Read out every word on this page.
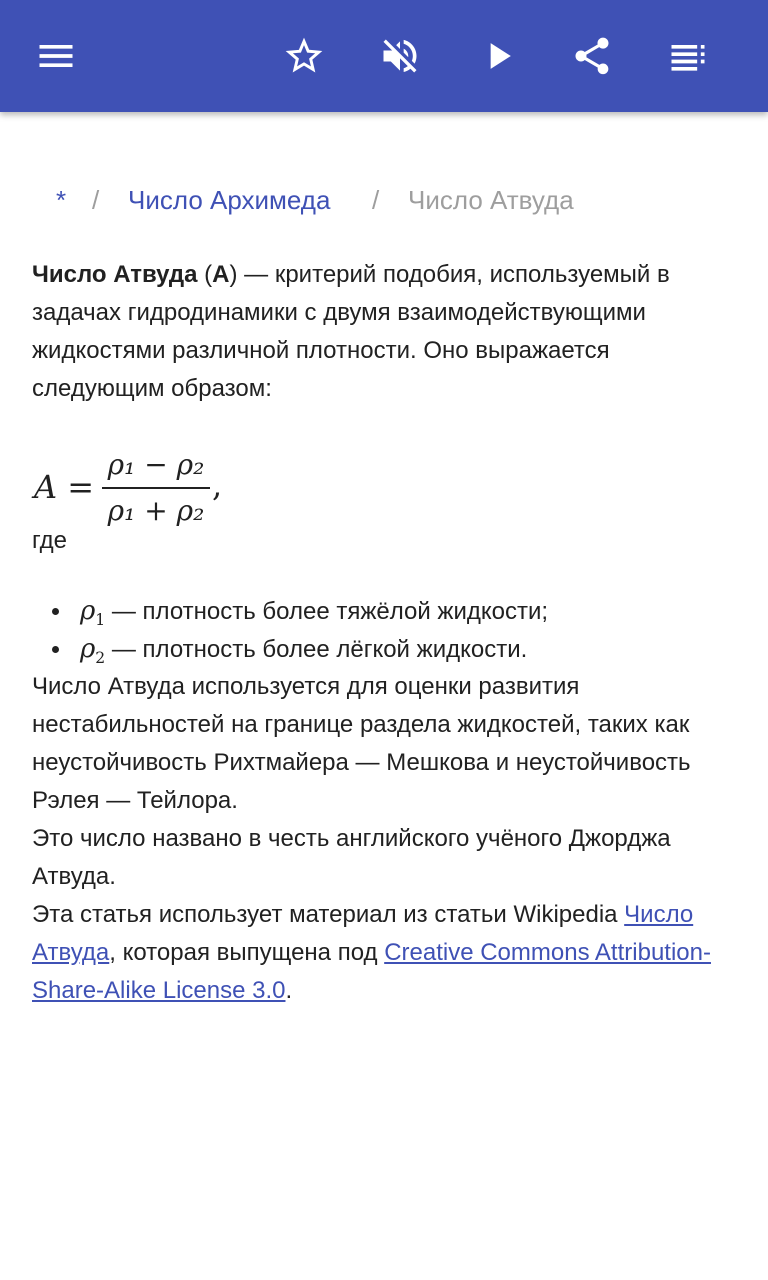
* / Число Архимеда / Число Атвуда

Число Атвуда (А) — критерий подобия, используемый в задачах гидродинамики с двумя взаимодействующими жидкостями различной плотности. Оно выражается следующим образом:

A =
ρ₁ − ρ₂
ρ₁ + ρ₂
,

где

$\rho_1$ — плотность более тяжёлой жидкости;
$\rho_2$ — плотность более лёгкой жидкости.

Число Атвуда используется для оценки развития нестабильностей на границе раздела жидкостей, таких как неустойчивость Рихтмайера — Мешкова и неустойчивость Рэлея — Тейлора.

Это число названо в честь английского учёного Джорджа Атвуда.

Эта статья использует материал из статьи Wikipedia Число Атвуда, которая выпущена под Creative Commons Attribution-Share-Alike License 3.0.
